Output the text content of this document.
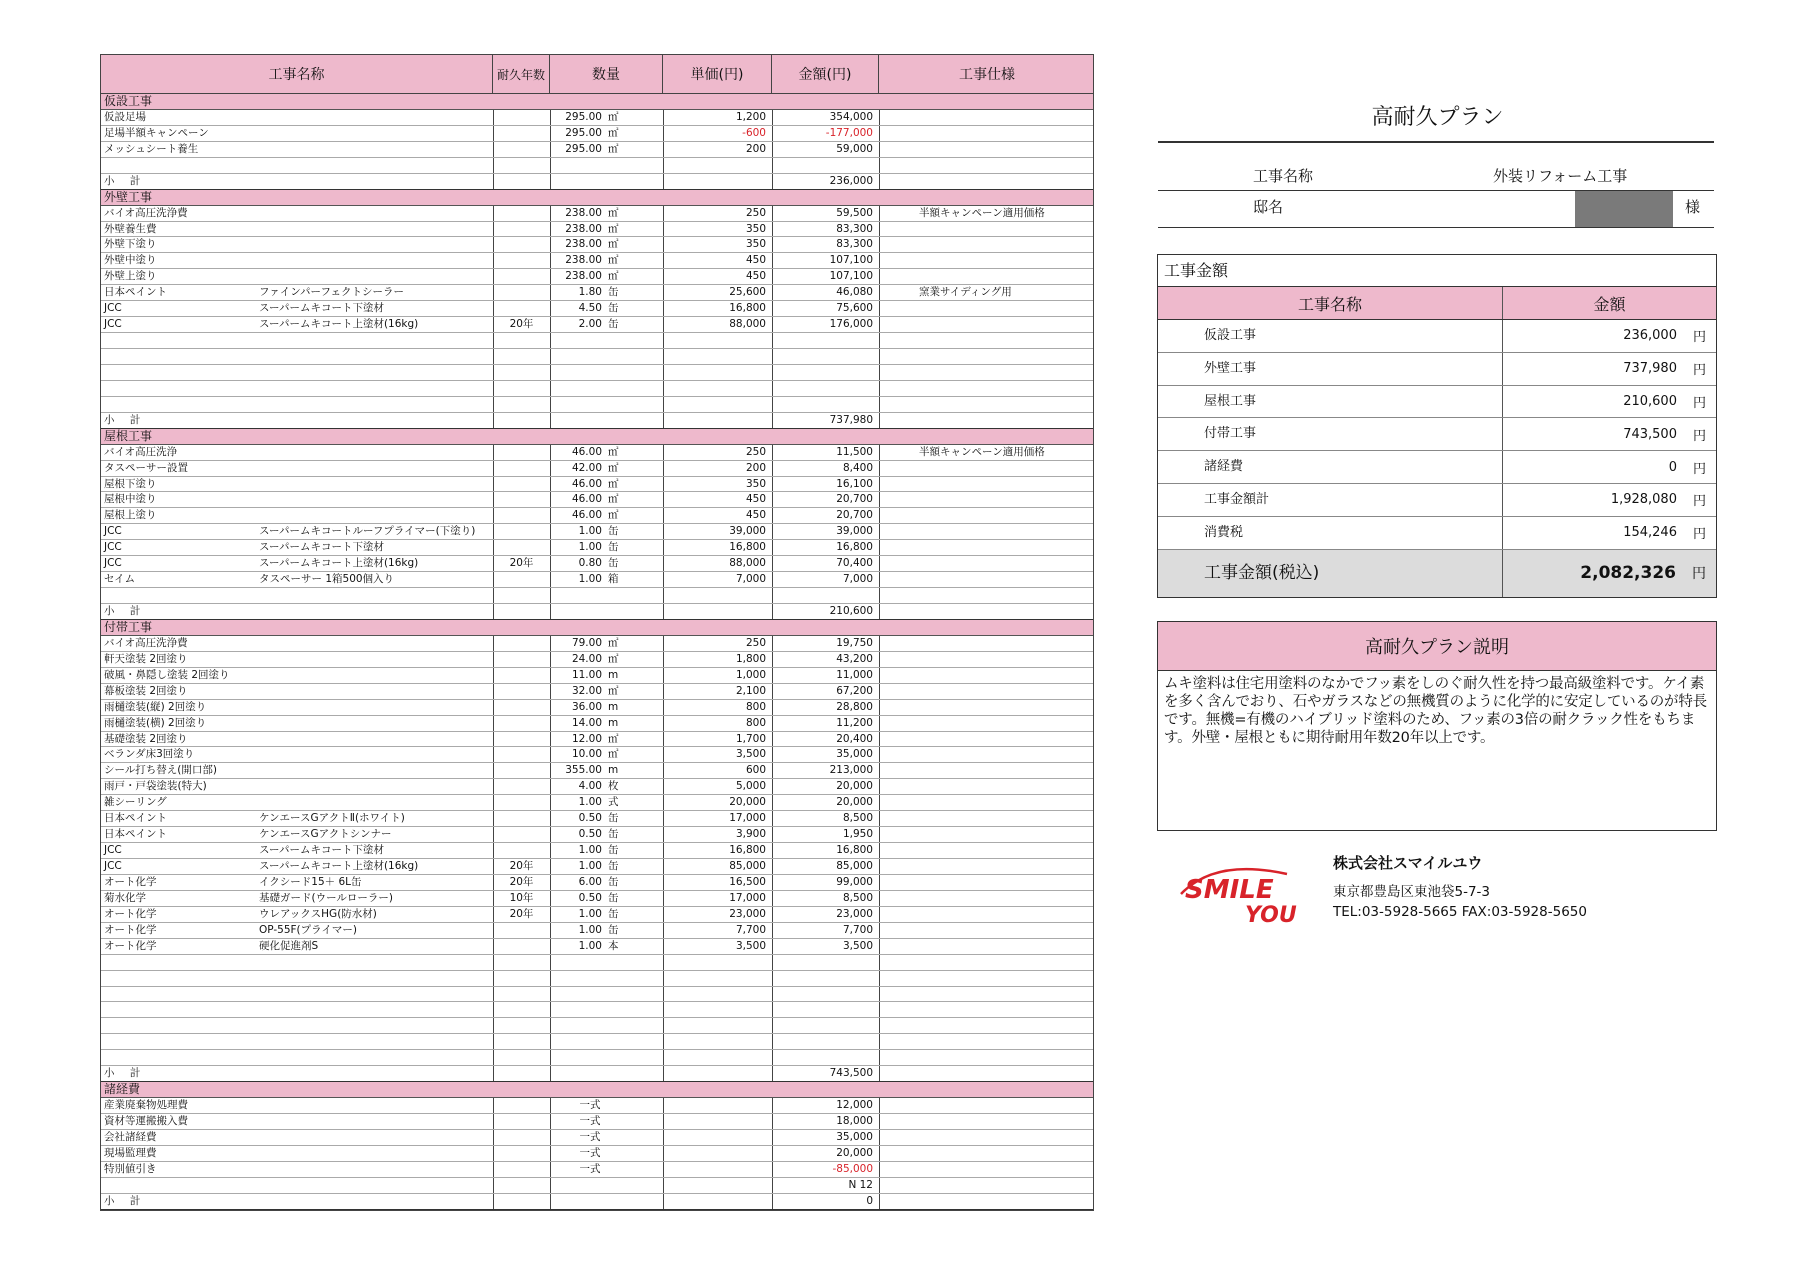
工事名称	耐久年数	数量	単価(円)	金額(円)	工事仕様
仮設工事
仮設足場	295.00 ㎡	1,200	354,000
足場半額キャンペーン	295.00 ㎡	-600	-177,000
メッシュシート養生	295.00 ㎡	200	59,000
小 計	236,000
外壁工事
バイオ高圧洗浄費	238.00 ㎡	250	59,500	半額キャンペーン適用価格
外壁養生費	238.00 ㎡	350	83,300
外壁下塗り	238.00 ㎡	350	83,300
外壁中塗り	238.00 ㎡	450	107,100
外壁上塗り	238.00 ㎡	450	107,100
日本ペイント	ファインパーフェクトシーラー	1.80 缶	25,600	46,080	窯業サイディング用
JCC	スーパームキコート下塗材	4.50 缶	16,800	75,600
JCC	スーパームキコート上塗材(16kg)	20年	2.00 缶	88,000	176,000
小 計	737,980
屋根工事
バイオ高圧洗浄	46.00 ㎡	250	11,500	半額キャンペーン適用価格
タスペーサー設置	42.00 ㎡	200	8,400
屋根下塗り	46.00 ㎡	350	16,100
屋根中塗り	46.00 ㎡	450	20,700
屋根上塗り	46.00 ㎡	450	20,700
JCC	スーパームキコートルーフプライマー(下塗り)	1.00 缶	39,000	39,000
JCC	スーパームキコート下塗材	1.00 缶	16,800	16,800
JCC	スーパームキコート上塗材(16kg)	20年	0.80 缶	88,000	70,400
セイム	タスペーサー 1箱500個入り	1.00 箱	7,000	7,000
小 計	210,600
付帯工事
バイオ高圧洗浄費	79.00 ㎡	250	19,750
軒天塗装 2回塗り	24.00 ㎡	1,800	43,200
破風・鼻隠し塗装 2回塗り	11.00 m	1,000	11,000
幕板塗装 2回塗り	32.00 ㎡	2,100	67,200
雨樋塗装(縦) 2回塗り	36.00 m	800	28,800
雨樋塗装(横) 2回塗り	14.00 m	800	11,200
基礎塗装 2回塗り	12.00 ㎡	1,700	20,400
ベランダ床3回塗り	10.00 ㎡	3,500	35,000
シール打ち替え(開口部)	355.00 m	600	213,000
雨戸・戸袋塗装(特大)	4.00 枚	5,000	20,000
雑シーリング	1.00 式	20,000	20,000
日本ペイント	ケンエースGアクトⅡ(ホワイト)	0.50 缶	17,000	8,500
日本ペイント	ケンエースGアクトシンナー	0.50 缶	3,900	1,950
JCC	スーパームキコート下塗材	1.00 缶	16,800	16,800
JCC	スーパームキコート上塗材(16kg)	20年	1.00 缶	85,000	85,000
オート化学	イクシード15＋ 6L缶	20年	6.00 缶	16,500	99,000
菊水化学	基礎ガード(ウールローラー)	10年	0.50 缶	17,000	8,500
オート化学	ウレアックスHG(防水材)	20年	1.00 缶	23,000	23,000
オート化学	OP-55F(プライマー)	1.00 缶	7,700	7,700
オート化学	硬化促進剤S	1.00 本	3,500	3,500
小 計	743,500
諸経費
産業廃棄物処理費	一式	12,000
資材等運搬搬入費	一式	18,000
会社諸経費	一式	35,000
現場監理費	一式	20,000
特別値引き	一式	-85,000
N 12
小 計	0
高耐久プラン
工事名称	外装リフォーム工事
邸名	様
工事金額
工事名称	金額
仮設工事	236,000 円
外壁工事	737,980 円
屋根工事	210,600 円
付帯工事	743,500 円
諸経費	0 円
工事金額計	1,928,080 円
消費税	154,246 円
工事金額(税込)	2,082,326 円
高耐久プラン説明
ムキ塗料は住宅用塗料のなかでフッ素をしのぐ耐久性を持つ最高級塗料です。ケイ素を多く含んでおり、石やガラスなどの無機質のように化学的に安定しているのが特長です。無機=有機のハイブリッド塗料のため、フッ素の3倍の耐クラック性をもちます。外壁・屋根ともに期待耐用年数20年以上です。
SMILE
YOU
株式会社スマイルユウ
東京都豊島区東池袋5-7-3
TEL:03-5928-5665 FAX:03-5928-5650
